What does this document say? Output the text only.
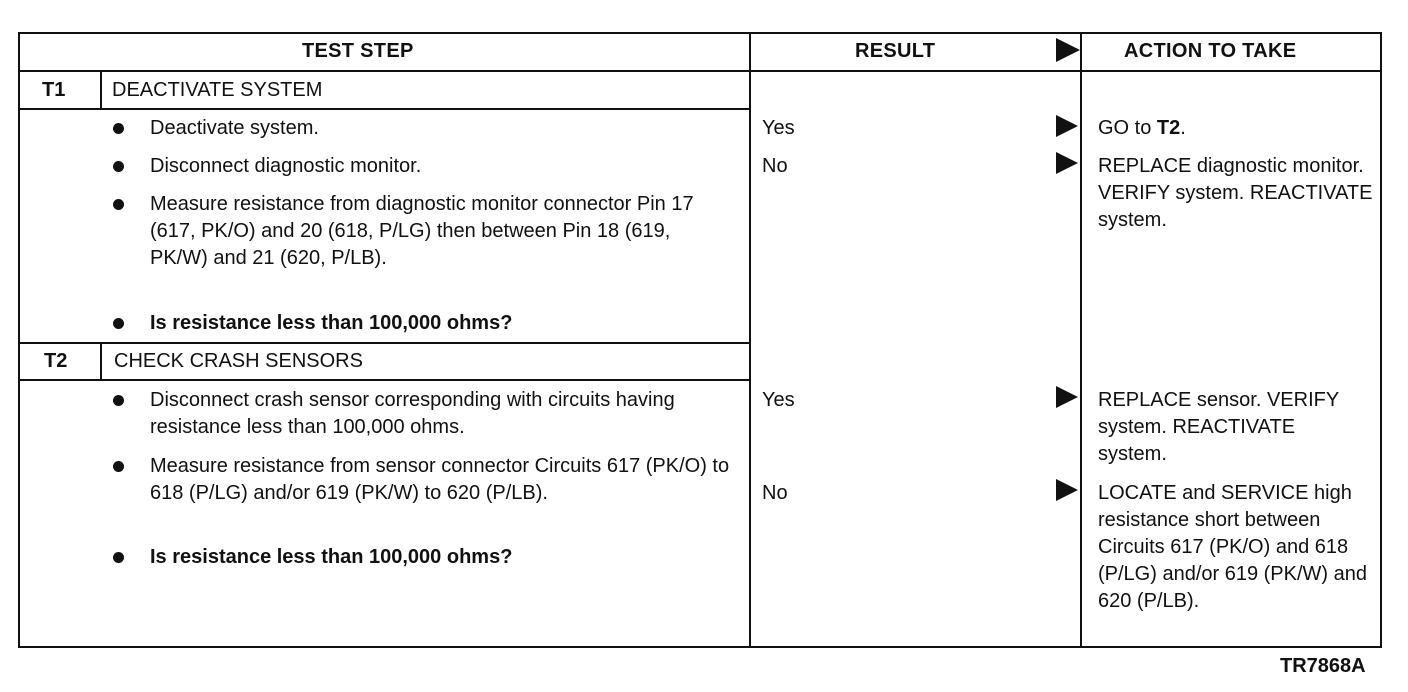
TEST STEP	RESULT	ACTION TO TAKE
T1 DEACTIVATE SYSTEM
Deactivate system.
Disconnect diagnostic monitor.
Measure resistance from diagnostic monitor connector Pin 17 (617, PK/O) and 20 (618, P/LG) then between Pin 18 (619, PK/W) and 21 (620, P/LB).
Is resistance less than 100,000 ohms?
Yes	GO to T2.
No	REPLACE diagnostic monitor. VERIFY system. REACTIVATE system.
T2 CHECK CRASH SENSORS
Disconnect crash sensor corresponding with circuits having resistance less than 100,000 ohms.
Measure resistance from sensor connector Circuits 617 (PK/O) to 618 (P/LG) and/or 619 (PK/W) to 620 (P/LB).
Is resistance less than 100,000 ohms?
Yes	REPLACE sensor. VERIFY system. REACTIVATE system.
No	LOCATE and SERVICE high resistance short between Circuits 617 (PK/O) and 618 (P/LG) and/or 619 (PK/W) and 620 (P/LB).
TR7868A
